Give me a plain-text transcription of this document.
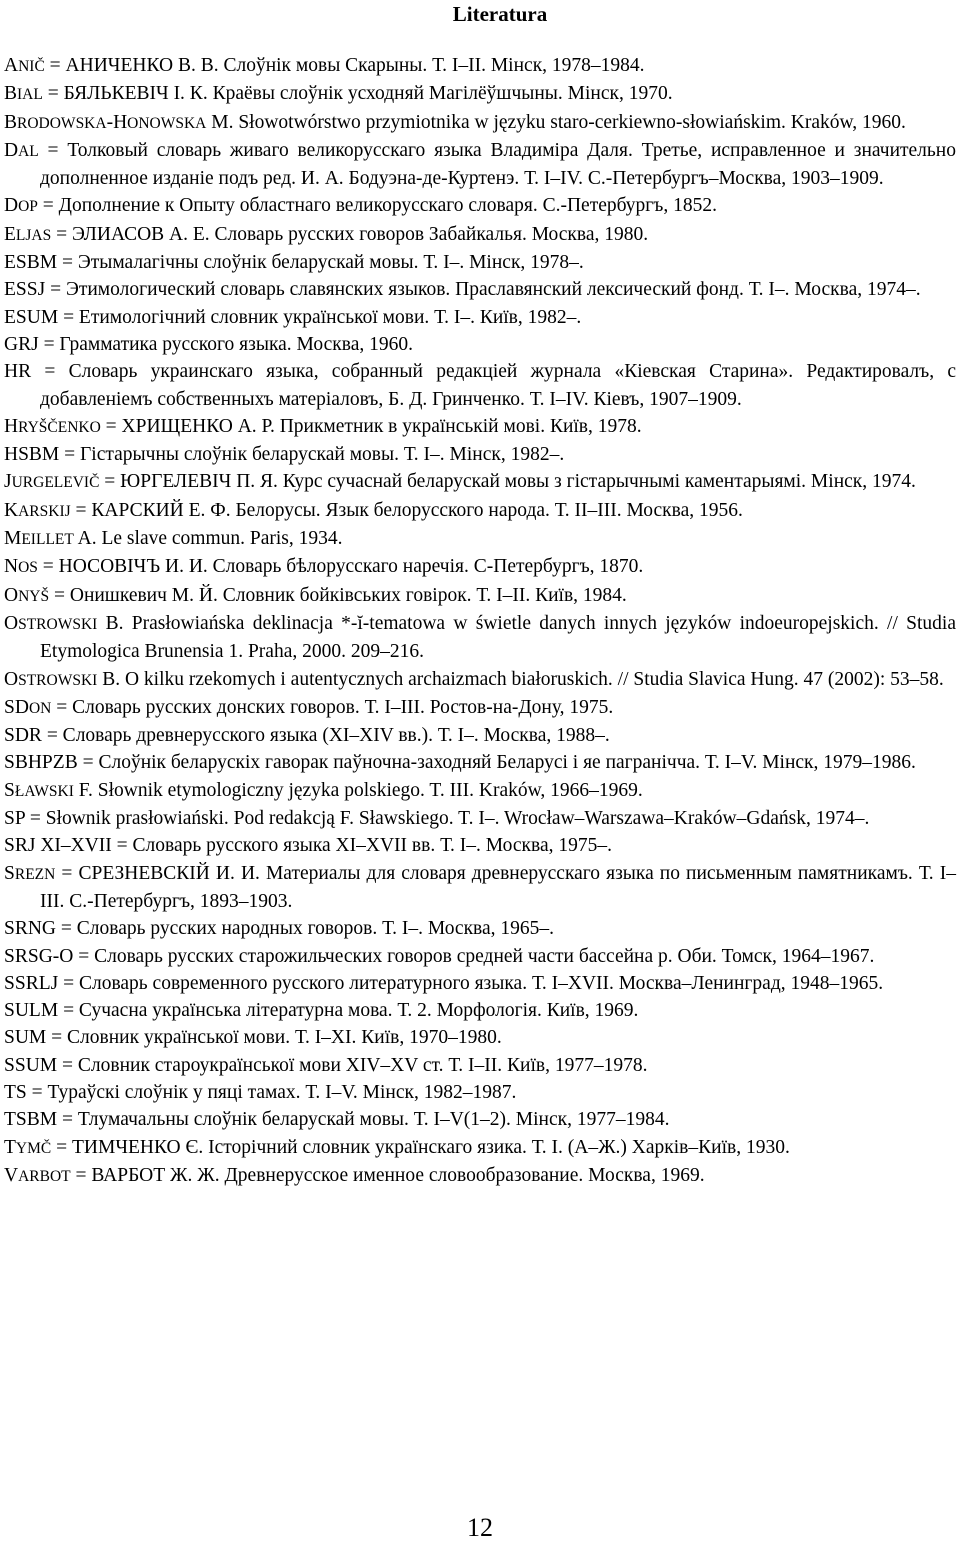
Literatura

ANIČ = АНИЧЕНКО В. В. Слоўнік мовы Скарыны. Т. I–II. Мінск, 1978–1984.

BIAL = БЯЛЬКЕВІЧ І. К. Краёвы слоўнік усходняй Магілёўшчыны. Мінск, 1970.

BRODOWSKA-HONOWSKA M. Słowotwórstwo przymiotnika w języku staro-cerkiewno-słowiańskim. Kraków, 1960.

DAL = Толковый словарь живаго великорусскаго языка Владиміра Даля. Третье, исправленное и значительно дополненное изданіе подъ ред. И. А. Бодуэна-де-Куртенэ. Т. I–IV. С.-Петербургъ–Москва, 1903–1909.

DOP = Дополнение к Опыту областнаго великорусскаго словаря. С.-Петербургъ, 1852.

ELJAS = ЭЛИАСОВ А. Е. Словарь русских говоров Забайкалья. Москва, 1980.

ESBM = Этымалагічны слоўнік беларускай мовы. Т. I–. Мінск, 1978–.

ESSJ = Этимологический словарь славянских языков. Праславянский лексический фонд. Т. I–. Москва, 1974–.

ESUM = Етимологічний словник української мови. Т. I–. Київ, 1982–.

GRJ = Грамматика русского языка. Москва, 1960.

HR = Словарь украинскаго языка, собранный редакціей журнала «Кіевская Старина». Редактировалъ, с добавленіемъ собственныхъ матеріаловъ, Б. Д. Гринченко. Т. I–IV. Кіевъ, 1907–1909.

HRYŠČENKO = ХРИЩЕНКО А. Р. Прикметник в українській мові. Київ, 1978.

HSBM = Гістарычны слоўнік беларускай мовы. Т. I–. Мінск, 1982–.

JURGELEVIČ = ЮРГЕЛЕВІЧ П. Я. Курс сучаснай беларускай мовы з гістарычнымі каментарыямі. Мінск, 1974.

KARSKIJ = КАРСКИЙ Е. Ф. Белорусы. Язык белорусского народа. Т. II–III. Москва, 1956.

MEILLET A. Le slave commun. Paris, 1934.

NOS = НОСОВІЧЪ И. И. Словарь бѣлорусскаго наречія. С-Петербургъ, 1870.

ONYŠ = Онишкевич М. Й. Словник бойківських говірок. Т. I–II. Київ, 1984.

OSTROWSKI B. Prasłowiańska deklinacja *-ĭ-tematowa w świetle danych innych języków indoeuropejskich. // Studia Etymologica Brunensia 1. Praha, 2000. 209–216.

OSTROWSKI B. O kilku rzekomych i autentycznych archaizmach białoruskich. // Studia Slavica Hung. 47 (2002): 53–58.

SDON = Словарь русских донских говоров. Т. I–III. Ростов-на-Дону, 1975.

SDR = Словарь древнерусского языка (XI–XIV вв.). Т. I–. Москва, 1988–.

SBHPZB = Слоўнік беларускіх гаворак паўночна-заходняй Беларусі і яе пагранічча. Т. I–V. Мінск, 1979–1986.

SŁAWSKI F. Słownik etymologiczny języka polskiego. T. III. Kraków, 1966–1969.

SP = Słownik prasłowiański. Pod redakcją F. Sławskiego. T. I–. Wrocław–Warszawa–Kraków–Gdańsk, 1974–.

SRJ XI–XVII = Словарь русского языка XI–XVII вв. Т. I–. Москва, 1975–.

SREZN = СРЕЗНЕВСКІЙ И. И. Материалы для словаря древнерусскаго языка по письменным памятникамъ. Т. I–III. С.-Петербургъ, 1893–1903.

SRNG = Словарь русских народных говоров. Т. I–. Москва, 1965–.

SRSG-O = Словарь русских старожильческих говоров средней части бассейна р. Оби. Томск, 1964–1967.

SSRLJ = Словарь современного русского литературного языка. Т. I–XVII. Москва–Ленинград, 1948–1965.

SULM = Сучасна українська літературна мова. Т. 2. Морфологія. Київ, 1969.

SUM = Словник української мови. Т. I–XI. Київ, 1970–1980.

SSUM = Словник староукраїнської мови XIV–XV ст. Т. I–II. Київ, 1977–1978.

TS = Тураўскі слоўнік у пяці тамах. Т. I–V. Мінск, 1982–1987.

TSBM = Тлумачальны слоўнік беларускай мовы. Т. I–V(1–2). Мінск, 1977–1984.

TYMČ = ТИМЧЕНКО Є. Історічний словник українскаго язика. Т. I. (А–Ж.) Харків–Київ, 1930.

VARBOT = ВАРБОТ Ж. Ж. Древнерусское именное словообразование. Москва, 1969.

12
